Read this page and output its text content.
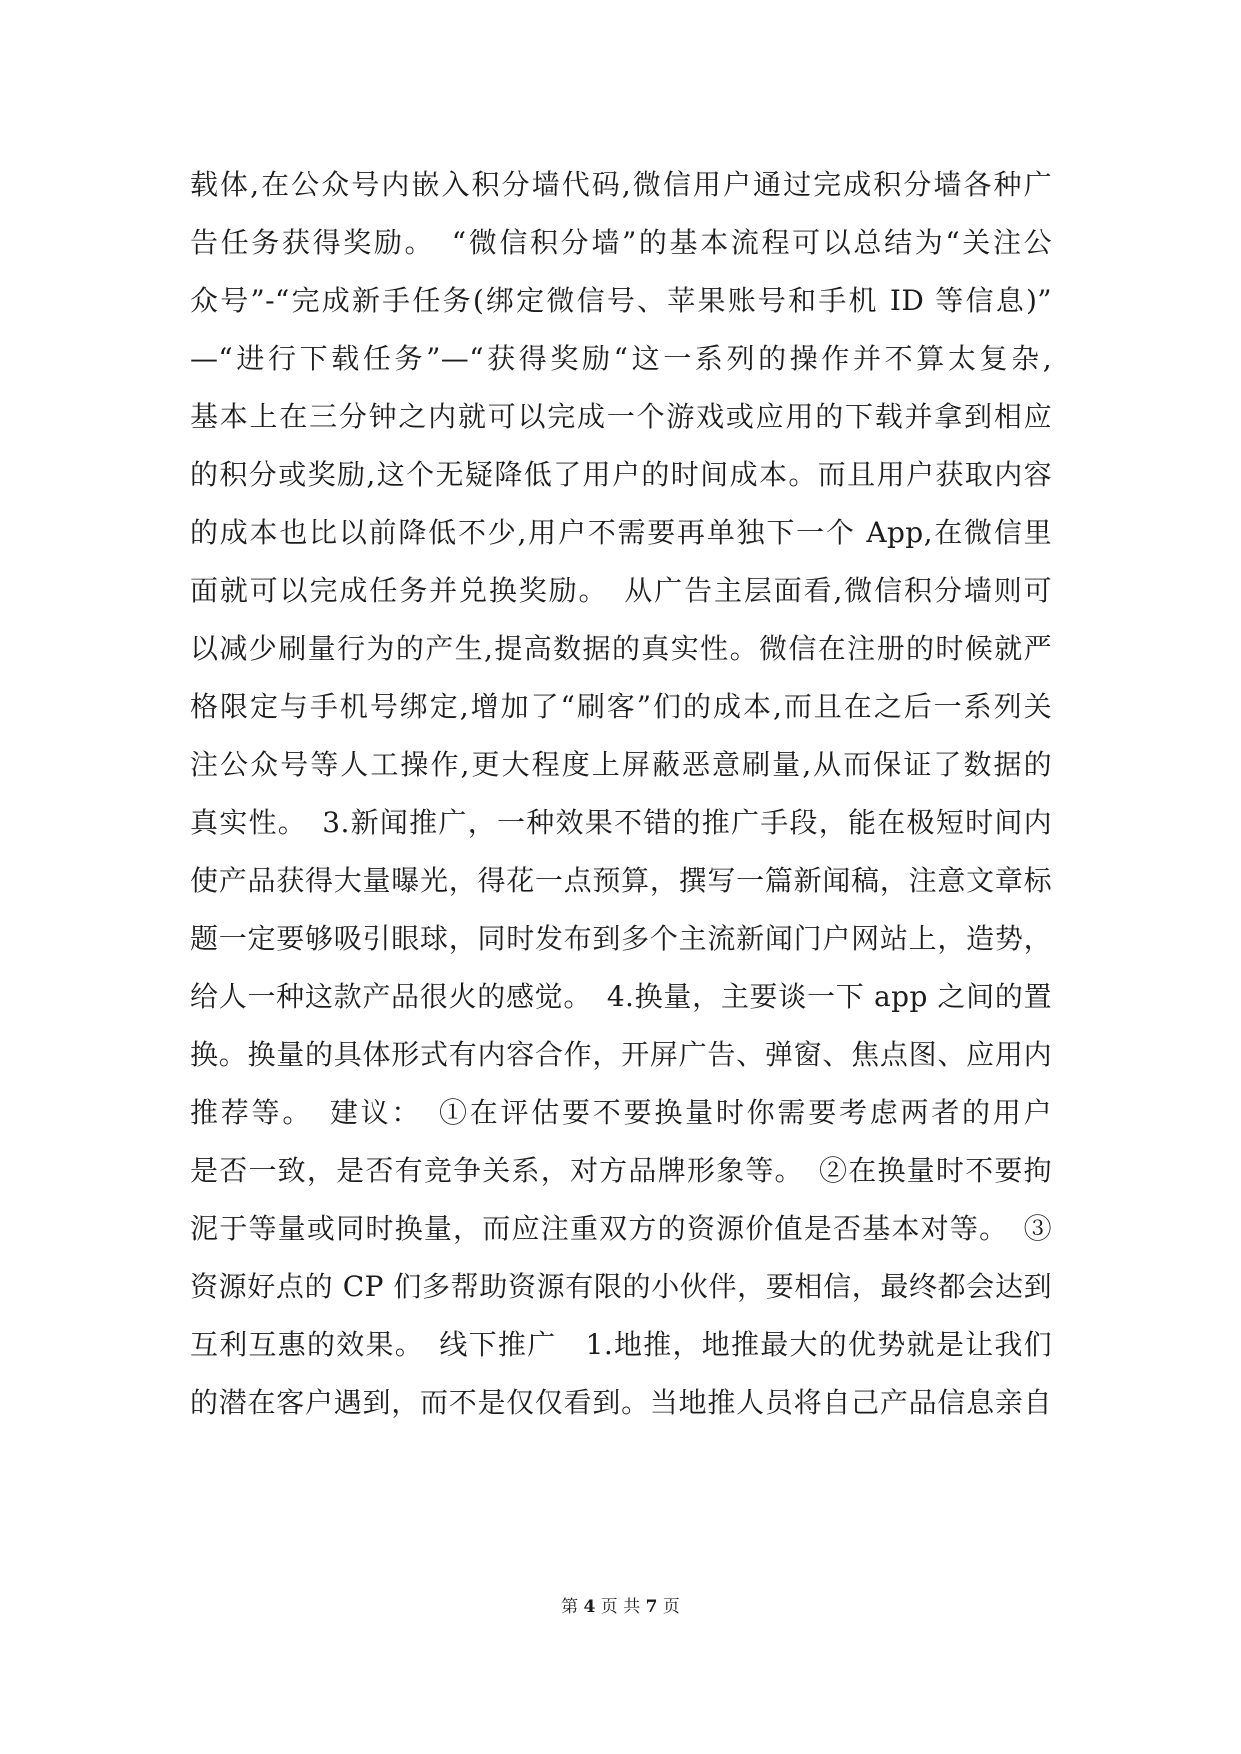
载体,在公众号内嵌入积分墙代码,微信用户通过完成积分墙各种广
告任务获得奖励。　“微信积分墙”的基本流程可以总结为“关注公
众号”-“完成新手任务(绑定微信号、苹果账号和手机 ID 等信息)”
—“进行下载任务”—“获得奖励“这一系列的操作并不算太复杂,
基本上在三分钟之内就可以完成一个游戏或应用的下载并拿到相应
的积分或奖励,这个无疑降低了用户的时间成本。而且用户获取内容
的成本也比以前降低不少,用户不需要再单独下一个 App,在微信里
面就可以完成任务并兑换奖励。　从广告主层面看,微信积分墙则可
以减少刷量行为的产生,提高数据的真实性。微信在注册的时候就严
格限定与手机号绑定,增加了“刷客”们的成本,而且在之后一系列关
注公众号等人工操作,更大程度上屏蔽恶意刷量,从而保证了数据的
真实性。　3.新闻推广，一种效果不错的推广手段，能在极短时间内
使产品获得大量曝光，得花一点预算，撰写一篇新闻稿，注意文章标
题一定要够吸引眼球，同时发布到多个主流新闻门户网站上，造势，
给人一种这款产品很火的感觉。　4.换量，主要谈一下 app 之间的置
换。换量的具体形式有内容合作，开屏广告、弹窗、焦点图、应用内
推荐等。　建议：　①在评估要不要换量时你需要考虑两者的用户
是否一致，是否有竞争关系，对方品牌形象等。　②在换量时不要拘
泥于等量或同时换量，而应注重双方的资源价值是否基本对等。　③
资源好点的 CP 们多帮助资源有限的小伙伴，要相信，最终都会达到
互利互惠的效果。　线下推广　1.地推，地推最大的优势就是让我们
的潜在客户遇到，而不是仅仅看到。当地推人员将自己产品信息亲自
第 4 页 共 7 页
